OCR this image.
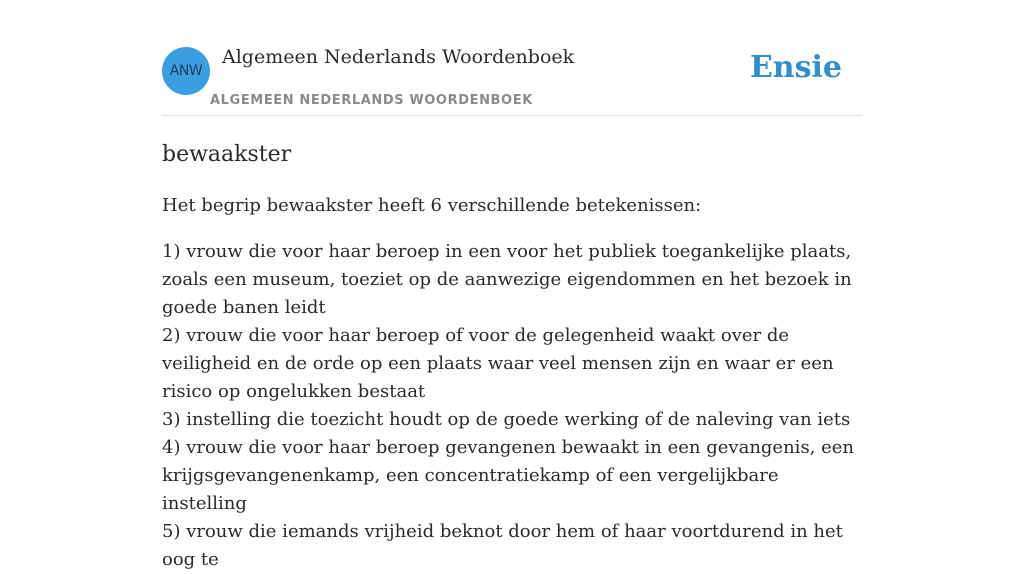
ANW
Algemeen Nederlands Woordenboek
ALGEMEEN NEDERLANDS WOORDENBOEK
Ensie
bewaakster

Het begrip bewaakster heeft 6 verschillende betekenissen:

1) vrouw die voor haar beroep in een voor het publiek toegankelijke plaats, zoals een museum, toeziet op de aanwezige eigendommen en het bezoek in goede banen leidt
2) vrouw die voor haar beroep of voor de gelegenheid waakt over de veiligheid en de orde op een plaats waar veel mensen zijn en waar er een risico op ongelukken bestaat
3) instelling die toezicht houdt op de goede werking of de naleving van iets
4) vrouw die voor haar beroep gevangenen bewaakt in een gevangenis, een krijgsgevangenenkamp, een concentratiekamp of een vergelijkbare instelling
5) vrouw die iemands vrijheid beknot door hem of haar voortdurend in het oog te
